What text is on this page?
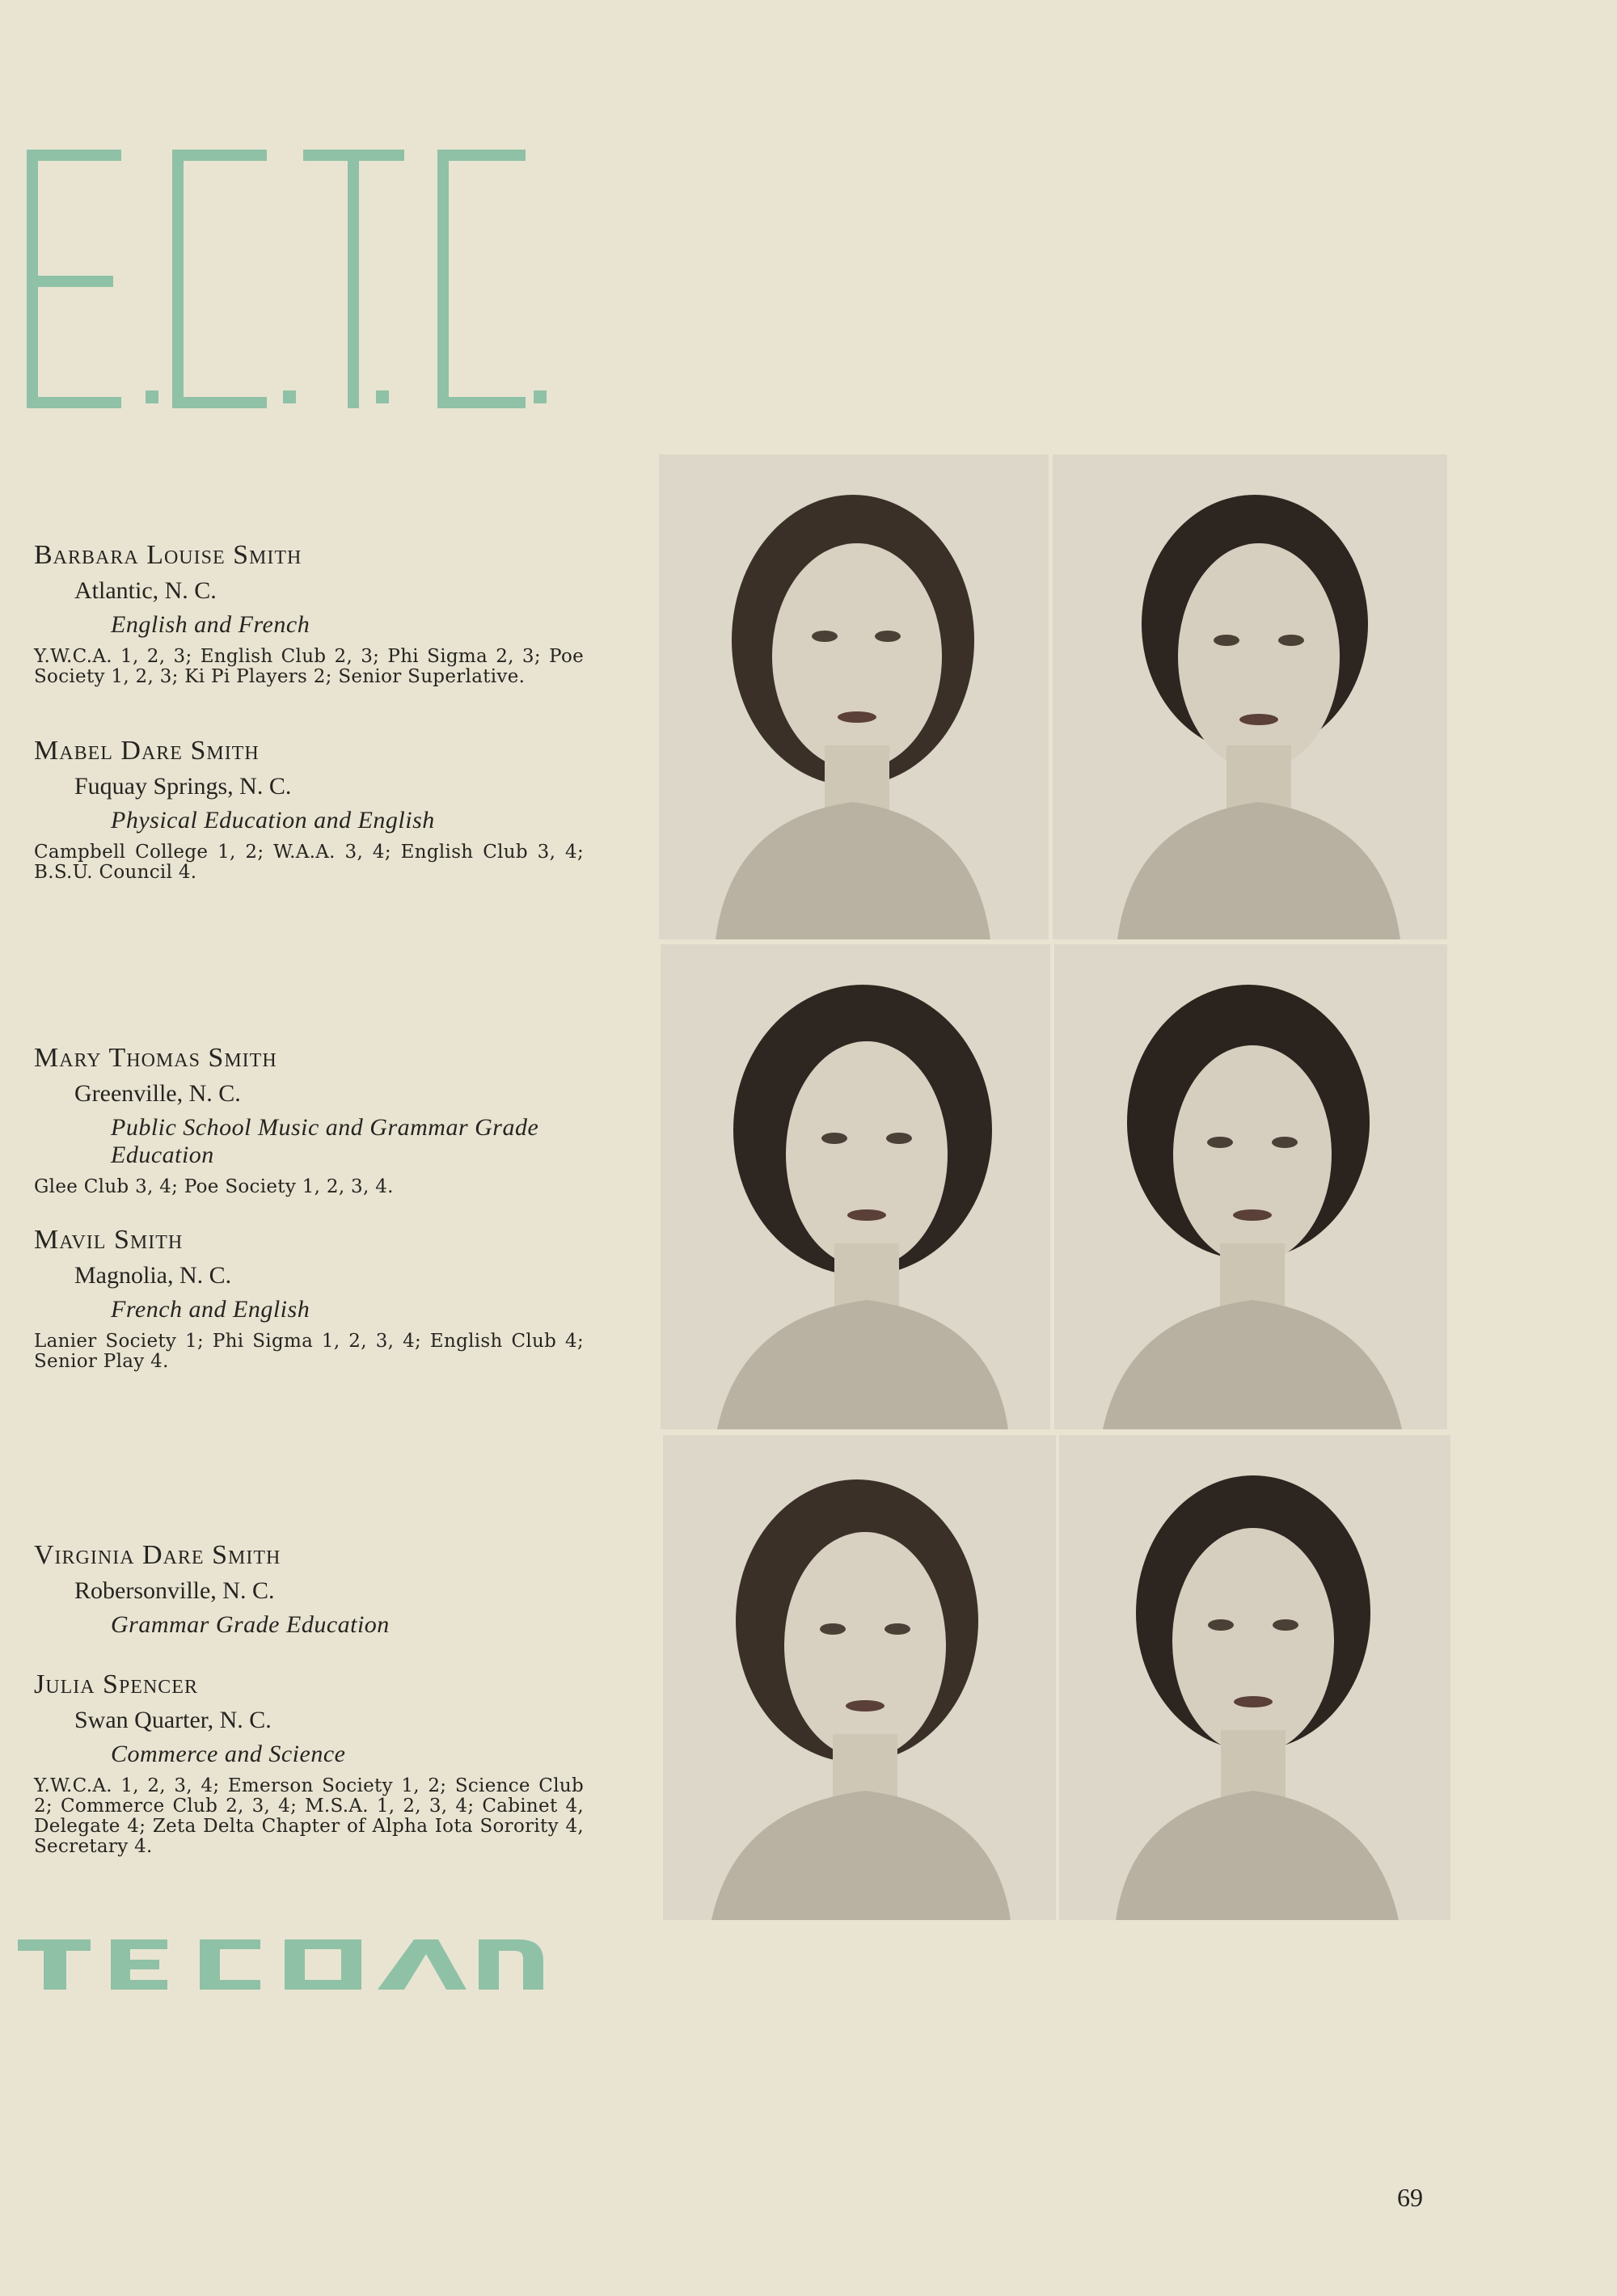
Barbara Louise Smith
Atlantic, N. C.
English and French
Y.W.C.A. 1, 2, 3; English Club 2, 3; Phi Sigma 2, 3; Poe Society 1, 2, 3; Ki Pi Players 2; Senior Superlative.
Mabel Dare Smith
Fuquay Springs, N. C.
Physical Education and English
Campbell College 1, 2; W.A.A. 3, 4; English Club 3, 4; B.S.U. Council 4.
Mary Thomas Smith
Greenville, N. C.
Public School Music and Grammar Grade Education
Glee Club 3, 4; Poe Society 1, 2, 3, 4.
Mavil Smith
Magnolia, N. C.
French and English
Lanier Society 1; Phi Sigma 1, 2, 3, 4; English Club 4; Senior Play 4.
Virginia Dare Smith
Robersonville, N. C.
Grammar Grade Education
Julia Spencer
Swan Quarter, N. C.
Commerce and Science
Y.W.C.A. 1, 2, 3, 4; Emerson Society 1, 2; Science Club 2; Commerce Club 2, 3, 4; M.S.A. 1, 2, 3, 4; Cabinet 4, Delegate 4; Zeta Delta Chapter of Alpha Iota Sorority 4, Secretary 4.
69
